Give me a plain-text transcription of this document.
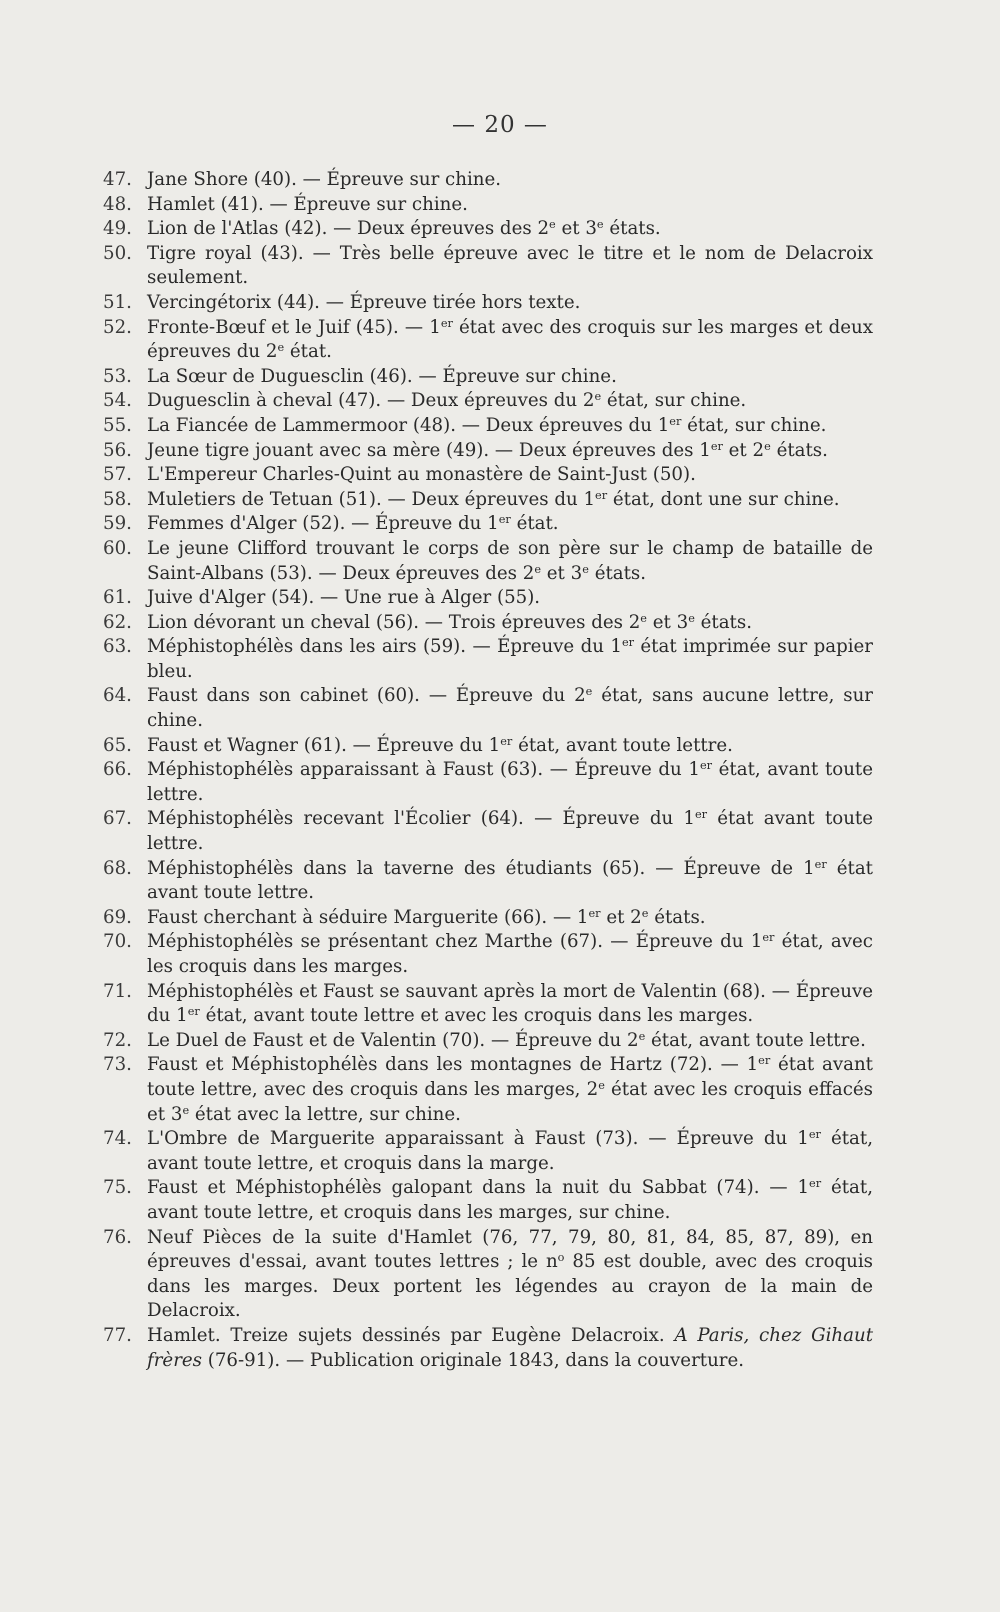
— 20 —
47. Jane Shore (40). — Épreuve sur chine.
48. Hamlet (41). — Épreuve sur chine.
49. Lion de l'Atlas (42). — Deux épreuves des 2e et 3e états.
50. Tigre royal (43). — Très belle épreuve avec le titre et le nom de Delacroix seulement.
51. Vercingétorix (44). — Épreuve tirée hors texte.
52. Fronte-Bœuf et le Juif (45). — 1er état avec des croquis sur les marges et deux épreuves du 2e état.
53. La Sœur de Duguesclin (46). — Épreuve sur chine.
54. Duguesclin à cheval (47). — Deux épreuves du 2e état, sur chine.
55. La Fiancée de Lammermoor (48). — Deux épreuves du 1er état, sur chine.
56. Jeune tigre jouant avec sa mère (49). — Deux épreuves des 1er et 2e états.
57. L'Empereur Charles-Quint au monastère de Saint-Just (50).
58. Muletiers de Tetuan (51). — Deux épreuves du 1er état, dont une sur chine.
59. Femmes d'Alger (52). — Épreuve du 1er état.
60. Le jeune Clifford trouvant le corps de son père sur le champ de bataille de Saint-Albans (53). — Deux épreuves des 2e et 3e états.
61. Juive d'Alger (54). — Une rue à Alger (55).
62. Lion dévorant un cheval (56). — Trois épreuves des 2e et 3e états.
63. Méphistophélès dans les airs (59). — Épreuve du 1er état imprimée sur papier bleu.
64. Faust dans son cabinet (60). — Épreuve du 2e état, sans aucune lettre, sur chine.
65. Faust et Wagner (61). — Épreuve du 1er état, avant toute lettre.
66. Méphistophélès apparaissant à Faust (63). — Épreuve du 1er état, avant toute lettre.
67. Méphistophélès recevant l'Écolier (64). — Épreuve du 1er état avant toute lettre.
68. Méphistophélès dans la taverne des étudiants (65). — Épreuve de 1er état avant toute lettre.
69. Faust cherchant à séduire Marguerite (66). — 1er et 2e états.
70. Méphistophélès se présentant chez Marthe (67). — Épreuve du 1er état, avec les croquis dans les marges.
71. Méphistophélès et Faust se sauvant après la mort de Valentin (68). — Épreuve du 1er état, avant toute lettre et avec les croquis dans les marges.
72. Le Duel de Faust et de Valentin (70). — Épreuve du 2e état, avant toute lettre.
73. Faust et Méphistophélès dans les montagnes de Hartz (72). — 1er état avant toute lettre, avec des croquis dans les marges, 2e état avec les croquis effacés et 3e état avec la lettre, sur chine.
74. L'Ombre de Marguerite apparaissant à Faust (73). — Épreuve du 1er état, avant toute lettre, et croquis dans la marge.
75. Faust et Méphistophélès galopant dans la nuit du Sabbat (74). — 1er état, avant toute lettre, et croquis dans les marges, sur chine.
76. Neuf Pièces de la suite d'Hamlet (76, 77, 79, 80, 81, 84, 85, 87, 89), en épreuves d'essai, avant toutes lettres ; le $n^o$ 85 est double, avec des croquis dans les marges. Deux portent les légendes au crayon de la main de Delacroix.
77. Hamlet. Treize sujets dessinés par Eugène Delacroix. A Paris, chez Gihaut frères (76-91). — Publication originale 1843, dans la couverture.
